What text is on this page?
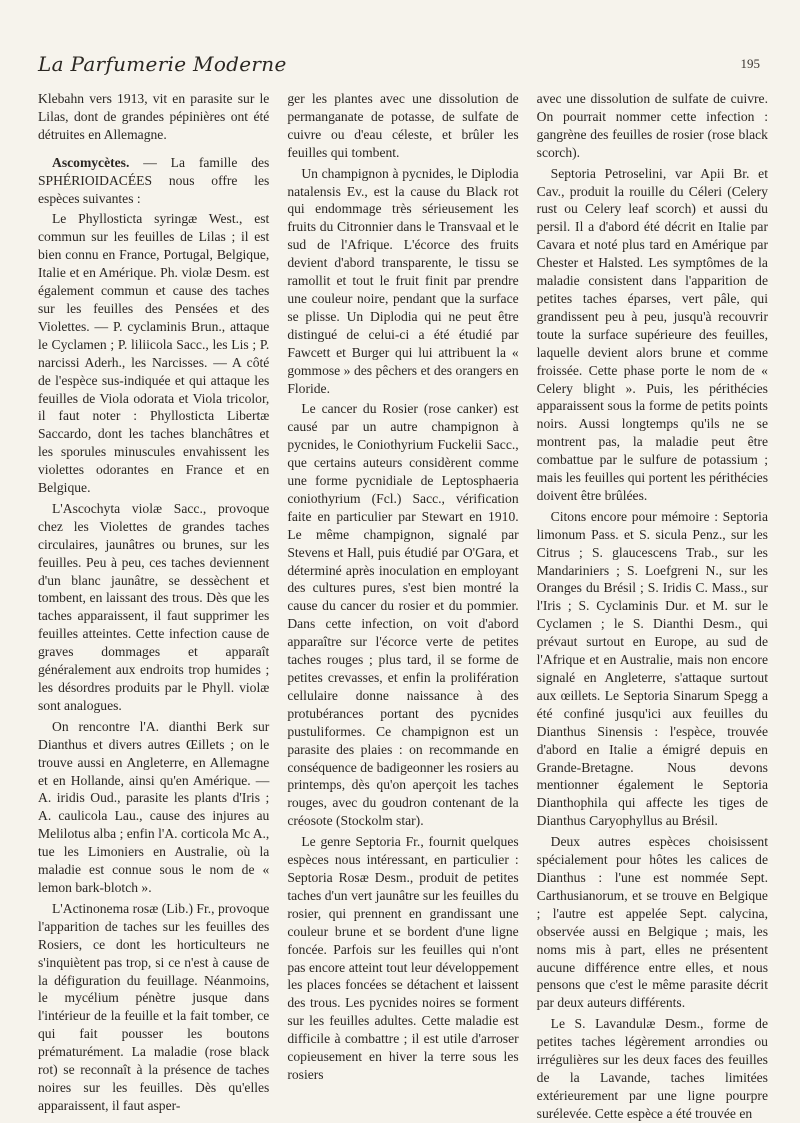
La Parfumerie Moderne	195

Klebahn vers 1913, vit en parasite sur le Lilas, dont de grandes pépinières ont été détruites en Allemagne.

Ascomycètes. — La famille des SPHÉRIOIDACÉES nous offre les espèces suivantes :

Le Phyllosticta syringæ West., est commun sur les feuilles de Lilas ; il est bien connu en France, Portugal, Belgique, Italie et en Amérique. Ph. violæ Desm. est également commun et cause des taches sur les feuilles des Pensées et des Violettes. — P. cyclaminis Brun., attaque le Cyclamen ; P. liliicola Sacc., les Lis ; P. narcissi Aderh., les Narcisses. — A côté de l'espèce sus-indiquée et qui attaque les feuilles de Viola odorata et Viola tricolor, il faut noter : Phyllosticta Libertæ Saccardo, dont les taches blanchâtres et les sporules minuscules envahissent les violettes odorantes en France et en Belgique.

L'Ascochyta violæ Sacc., provoque chez les Violettes de grandes taches circulaires, jaunâtres ou brunes, sur les feuilles. Peu à peu, ces taches deviennent d'un blanc jaunâtre, se dessèchent et tombent, en laissant des trous. Dès que les taches apparaissent, il faut supprimer les feuilles atteintes. Cette infection cause de graves dommages et apparaît généralement aux endroits trop humides ; les désordres produits par le Phyll. violæ sont analogues.

On rencontre l'A. dianthi Berk sur Dianthus et divers autres Œillets ; on le trouve aussi en Angleterre, en Allemagne et en Hollande, ainsi qu'en Amérique. — A. iridis Oud., parasite les plants d'Iris ; A. caulicola Lau., cause des injures au Melilotus alba ; enfin l'A. corticola Mc A., tue les Limoniers en Australie, où la maladie est connue sous le nom de « lemon bark-blotch ».

L'Actinonema rosæ (Lib.) Fr., provoque l'apparition de taches sur les feuilles des Rosiers, ce dont les horticulteurs ne s'inquiètent pas trop, si ce n'est à cause de la défiguration du feuillage. Néanmoins, le mycélium pénètre jusque dans l'intérieur de la feuille et la fait tomber, ce qui fait pousser les boutons prématurément. La maladie (rose black rot) se reconnaît à la présence de taches noires sur les feuilles. Dès qu'elles apparaissent, il faut asper-

ger les plantes avec une dissolution de permanganate de potasse, de sulfate de cuivre ou d'eau céleste, et brûler les feuilles qui tombent.

Un champignon à pycnides, le Diplodia natalensis Ev., est la cause du Black rot qui endommage très sérieusement les fruits du Citronnier dans le Transvaal et le sud de l'Afrique. L'écorce des fruits devient d'abord transparente, le tissu se ramollit et tout le fruit finit par prendre une couleur noire, pendant que la surface se plisse. Un Diplodia qui ne peut être distingué de celui-ci a été étudié par Fawcett et Burger qui lui attribuent la « gommose » des pêchers et des orangers en Floride.

Le cancer du Rosier (rose canker) est causé par un autre champignon à pycnides, le Coniothyrium Fuckelii Sacc., que certains auteurs considèrent comme une forme pycnidiale de Leptosphaeria coniothyrium (Fcl.) Sacc., vérification faite en particulier par Stewart en 1910. Le même champignon, signalé par Stevens et Hall, puis étudié par O'Gara, et déterminé après inoculation en employant des cultures pures, s'est bien montré la cause du cancer du rosier et du pommier. Dans cette infection, on voit d'abord apparaître sur l'écorce verte de petites taches rouges ; plus tard, il se forme de petites crevasses, et enfin la prolifération cellulaire donne naissance à des protubérances portant des pycnides pustuliformes. Ce champignon est un parasite des plaies : on recommande en conséquence de badigeonner les rosiers au printemps, dès qu'on aperçoit les taches rouges, avec du goudron contenant de la créosote (Stockolm star).

Le genre Septoria Fr., fournit quelques espèces nous intéressant, en particulier : Septoria Rosæ Desm., produit de petites taches d'un vert jaunâtre sur les feuilles du rosier, qui prennent en grandissant une couleur brune et se bordent d'une ligne foncée. Parfois sur les feuilles qui n'ont pas encore atteint tout leur développement les places foncées se détachent et laissent des trous. Les pycnides noires se forment sur les feuilles adultes. Cette maladie est difficile à combattre ; il est utile d'arroser copieusement en hiver la terre sous les rosiers

avec une dissolution de sulfate de cuivre. On pourrait nommer cette infection : gangrène des feuilles de rosier (rose black scorch).

Septoria Petroselini, var Apii Br. et Cav., produit la rouille du Céleri (Celery rust ou Celery leaf scorch) et aussi du persil. Il a d'abord été décrit en Italie par Cavara et noté plus tard en Amérique par Chester et Halsted. Les symptômes de la maladie consistent dans l'apparition de petites taches éparses, vert pâle, qui grandissent peu à peu, jusqu'à recouvrir toute la surface supérieure des feuilles, laquelle devient alors brune et comme froissée. Cette phase porte le nom de « Celery blight ». Puis, les périthécies apparaissent sous la forme de petits points noirs. Aussi longtemps qu'ils ne se montrent pas, la maladie peut être combattue par le sulfure de potassium ; mais les feuilles qui portent les périthécies doivent être brûlées.

Citons encore pour mémoire : Septoria limonum Pass. et S. sicula Penz., sur les Citrus ; S. glaucescens Trab., sur les Mandariniers ; S. Loefgreni N., sur les Oranges du Brésil ; S. Iridis C. Mass., sur l'Iris ; S. Cyclaminis Dur. et M. sur le Cyclamen ; le S. Dianthi Desm., qui prévaut surtout en Europe, au sud de l'Afrique et en Australie, mais non encore signalé en Angleterre, s'attaque surtout aux œillets. Le Septoria Sinarum Spegg a été confiné jusqu'ici aux feuilles du Dianthus Sinensis : l'espèce, trouvée d'abord en Italie a émigré depuis en Grande-Bretagne. Nous devons mentionner également le Septoria Dianthophila qui affecte les tiges de Dianthus Caryophyllus au Brésil.

Deux autres espèces choisissent spécialement pour hôtes les calices de Dianthus : l'une est nommée Sept. Carthusianorum, et se trouve en Belgique ; l'autre est appelée Sept. calycina, observée aussi en Belgique ; mais, les noms mis à part, elles ne présentent aucune différence entre elles, et nous pensons que c'est le même parasite décrit par deux auteurs différents.

Le S. Lavandulæ Desm., forme de petites taches légèrement arrondies ou irrégulières sur les deux faces des feuilles de la Lavande, taches limitées extérieurement par une ligne pourpre surélevée. Cette espèce a été trouvée en
